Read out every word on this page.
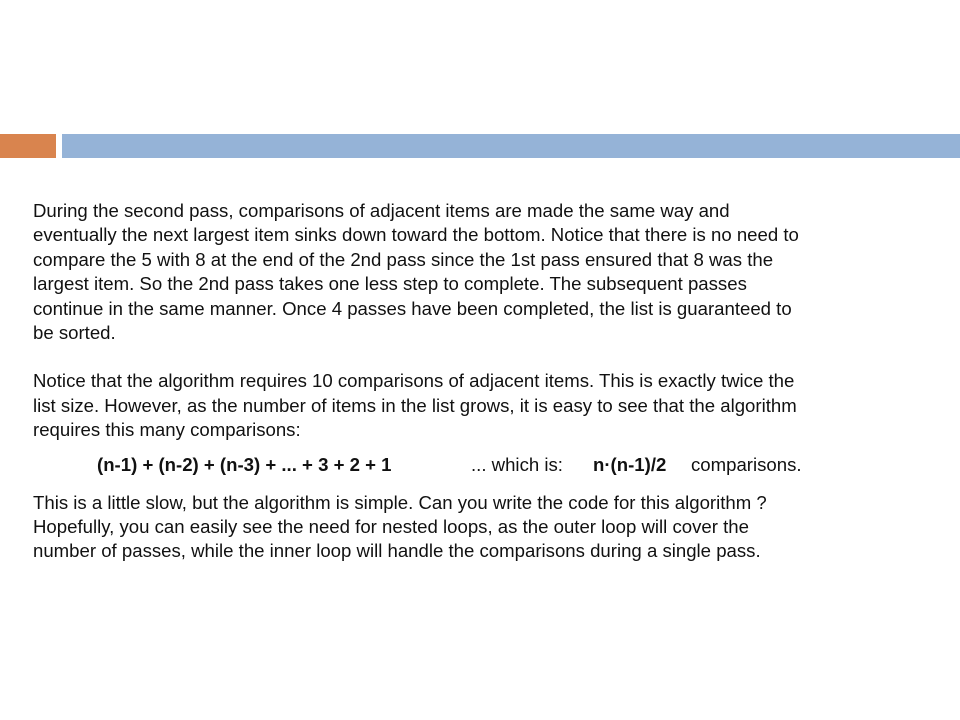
During the second pass, comparisons of adjacent items are made the same way and
eventually the next largest item sinks down toward the bottom. Notice that there is no need to
compare the 5 with 8 at the end of the 2nd pass since the 1st pass ensured that 8 was the
largest item. So the 2nd pass takes one less step to complete. The subsequent passes
continue in the same manner. Once 4 passes have been completed, the list is guaranteed to
be sorted.

Notice that the algorithm requires 10 comparisons of adjacent items. This is exactly twice the
list size. However, as the number of items in the list grows, it is easy to see that the algorithm
requires this many comparisons:

(n-1) + (n-2) + (n-3) + ... + 3 + 2 + 1	... which is: n·(n-1)/2 comparisons.

This is a little slow, but the algorithm is simple. Can you write the code for this algorithm ?
Hopefully, you can easily see the need for nested loops, as the outer loop will cover the
number of passes, while the inner loop will handle the comparisons during a single pass.
